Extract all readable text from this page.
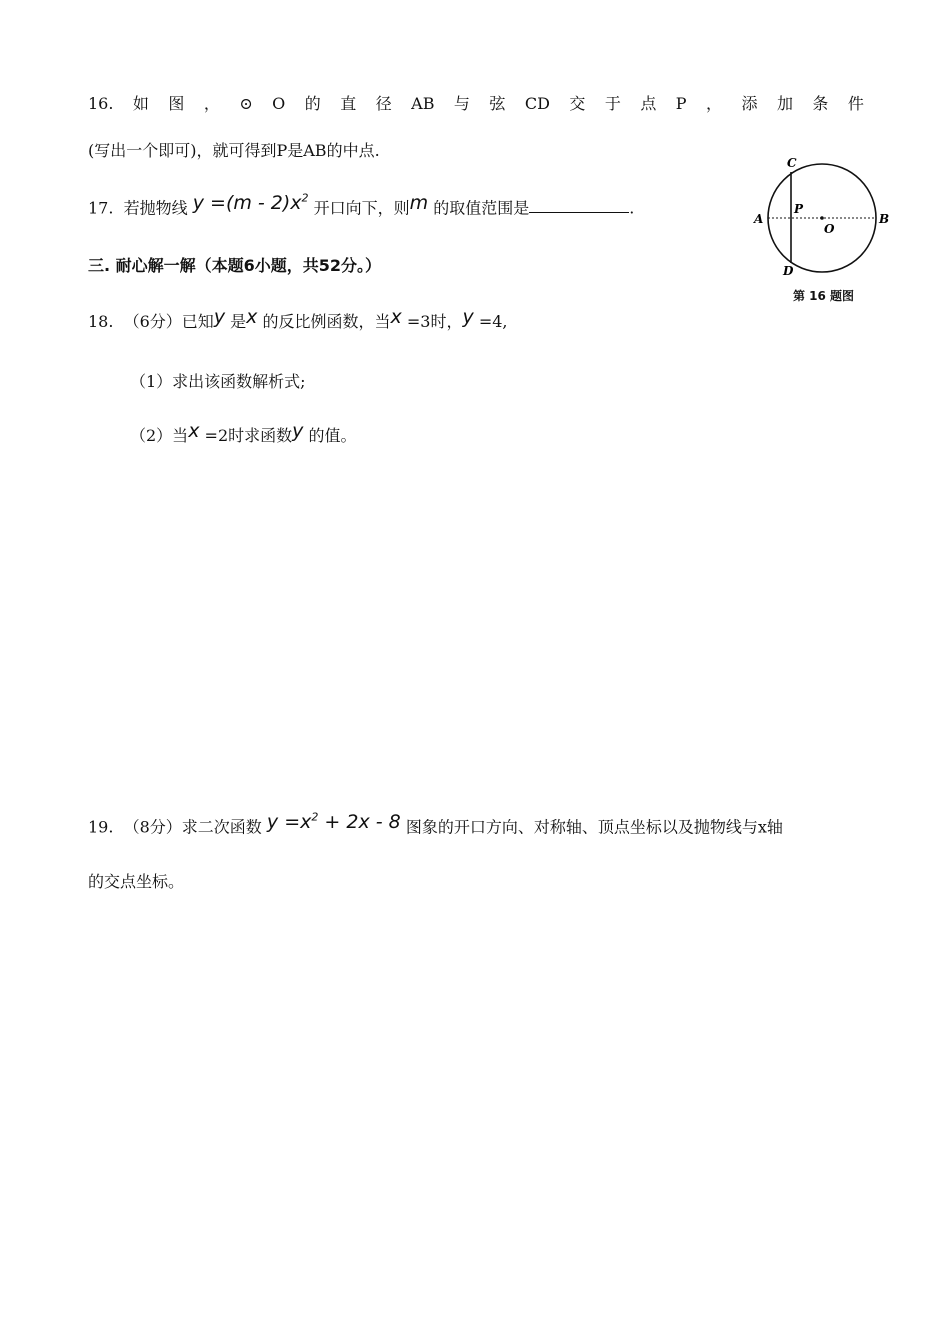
16. 如 图 ， ⊙ O 的 直 径 AB 与 弦 CD 交 于 点 P ， 添 加 条 件
(写出一个即可)，就可得到P是AB的中点.
17. 若抛物线 $y =(m - 2)x^2$ 开口向下，则m 的取值范围是	.
三. 耐心解一解（本题6小题，共52分。）
18. （6分）已知y 是x 的反比例函数，当x =3时，y =4,
（1）求出该函数解析式;
（2）当x =2时求函数y 的值。
19. （8分）求二次函数 $y =x^2 + 2x - 8$ 图象的开口方向、对称轴、顶点坐标以及抛物线与x轴
的交点坐标。
C
P
A
O
B
D
第 16 题图
